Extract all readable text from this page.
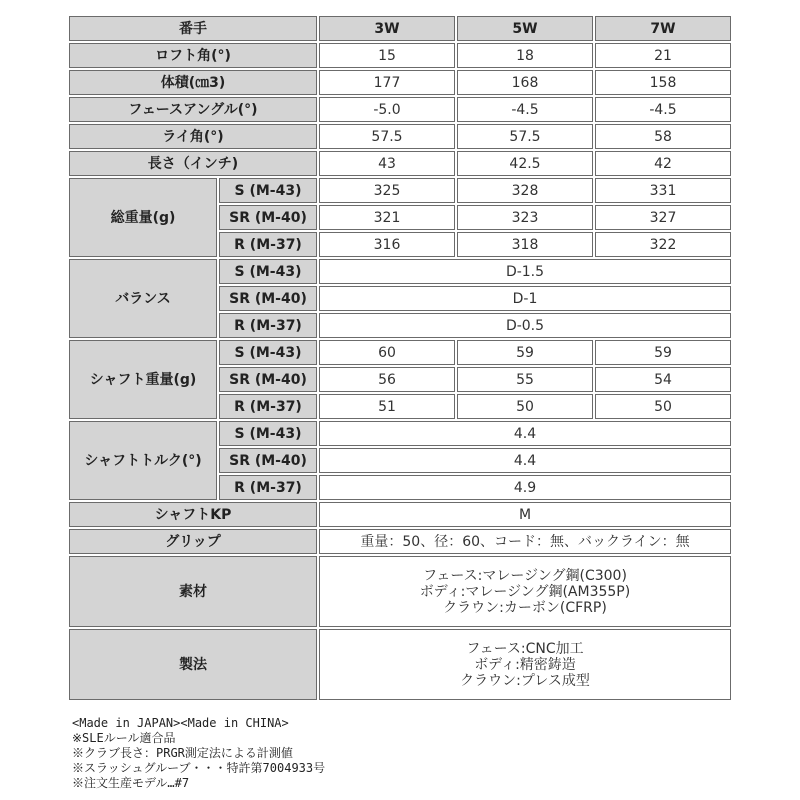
番手		3W	5W	7W
ロフト角(°)		15	18	21
体積(㎝3)		177	168	158
フェースアングル(°)		-5.0	-4.5	-4.5
ライ角(°)		57.5	57.5	58
長さ（インチ)		43	42.5	42
総重量(g)	S (M-43)	325	328	331
	SR (M-40)	321	323	327
	R (M-37)	316	318	322
バランス	S (M-43)	D-1.5		
	SR (M-40)	D-1		
	R (M-37)	D-0.5		
シャフト重量(g)	S (M-43)	60	59	59
	SR (M-40)	56	55	54
	R (M-37)	51	50	50
シャフトトルク(°)	S (M-43)	4.4		
	SR (M-40)	4.4		
	R (M-37)	4.9		
シャフトKP		M		
グリップ		重量：50、径：60、コード：無、バックライン：無		
素材		フェース:マレージング鋼(C300)
ボディ:マレージング鋼(AM355P)
クラウン:カーボン(CFRP)		

製法		フェース:CNC加工
ボディ:精密鋳造
クラウン:プレス成型		
<Made in JAPAN><Made in CHINA>
※SLEルール適合品
※クラブ長さ：PRGR測定法による計測値
※スラッシュグルーブ・・・特許第7004933号
※注文生産モデル…#7
